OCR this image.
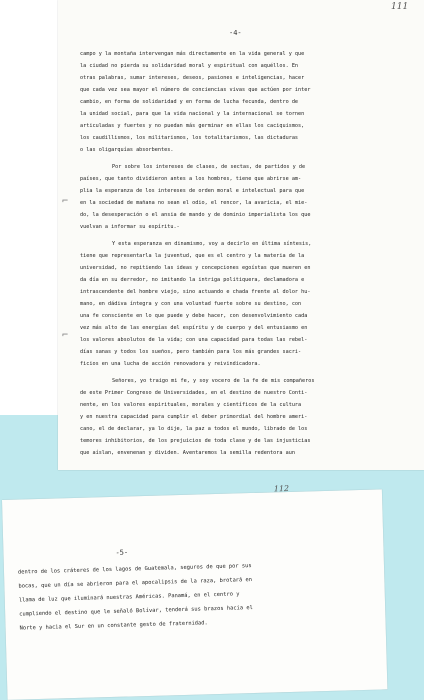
111
-4-
campo y la montaña intervengan más directamente en la vida general y que
la ciudad no pierda su solidaridad moral y espiritual con aquéllos. En
otras palabras, sumar intereses, deseos, pasiones e inteligencias, hacer
que cada vez sea mayor el número de conciencias vivas que actúen por inter
cambio, en forma de solidaridad y en forma de lucha fecunda, dentro de
la unidad social, para que la vida nacional y la internacional se tornen
articuladas y fuertes y no puedan más germinar en ellas los caciquismos,
los caudillismos, los militarismos, los totalitarismos, las dictaduras
o las oligarquías absorbentes.
Por sobre los intereses de clases, de sectas, de partidos y de
países, que tanto dividieron antes a los hombres, tiene que abrirse am-
plia la esperanza de los intereses de orden moral e intelectual para que
en la sociedad de mañana no sean el odio, el rencor, la avaricia, el mie-
do, la desesperación o el ansia de mando y de dominio imperialista los que
vuelvan a informar su espíritu.-
Y esta esperanza en dinamismo, voy a decirlo en última síntesis,
tiene que representarla la juventud, que es el centro y la materia de la
universidad, no repitiendo las ideas y concepciones egoístas que mueren en
da día en su derredor, no imitando la intriga politiquera, declamadora e
intrascendente del hombre viejo, sino actuando e chada frente al dolor hu-
mano, en dádiva íntegra y con una voluntad fuerte sobre su destino, con
una fe consciente en lo que puede y debe hacer, con desenvolvimiento cada
vez más alto de las energías del espíritu y de cuerpo y del entusiasmo en
los valores absolutos de la vida; con una capacidad para todas las rebel-
días sanas y todos los sueños, pero también para los más grandes sacri-
ficios en una lucha de acción renovadora y reivindicadora.
Señores, yo traigo mi fe, y soy vocero de la fe de mis compañeros
de este Primer Congreso de Universidades, en el destino de nuestro Conti-
nente, en los valores espirituales, morales y científicos de la cultura
y en nuestra capacidad para cumplir el deber primordial del hombre ameri-
cano, el de declarar, ya lo dije, la paz a todos el mundo, librado de los
temores inhibitorios, de los prejuicios de toda clase y de las injusticias
que aíslan, envenenan y dividen. Aventaremos la semilla redentora aun
⌐
⌐
112
-5-
dentro de los cráteres de los lagos de Guatemala, seguros de que por sus
bocas, que un día se abrieron para el apocalipsis de la raza, brotará en
llama de luz que iluminará nuestras Américas. Panamá, en el centro y
cumpliendo el destino que le señaló Bolívar, tenderá sus brazos hacia el
Norte y hacia el Sur en un constante gesto de fraternidad.
